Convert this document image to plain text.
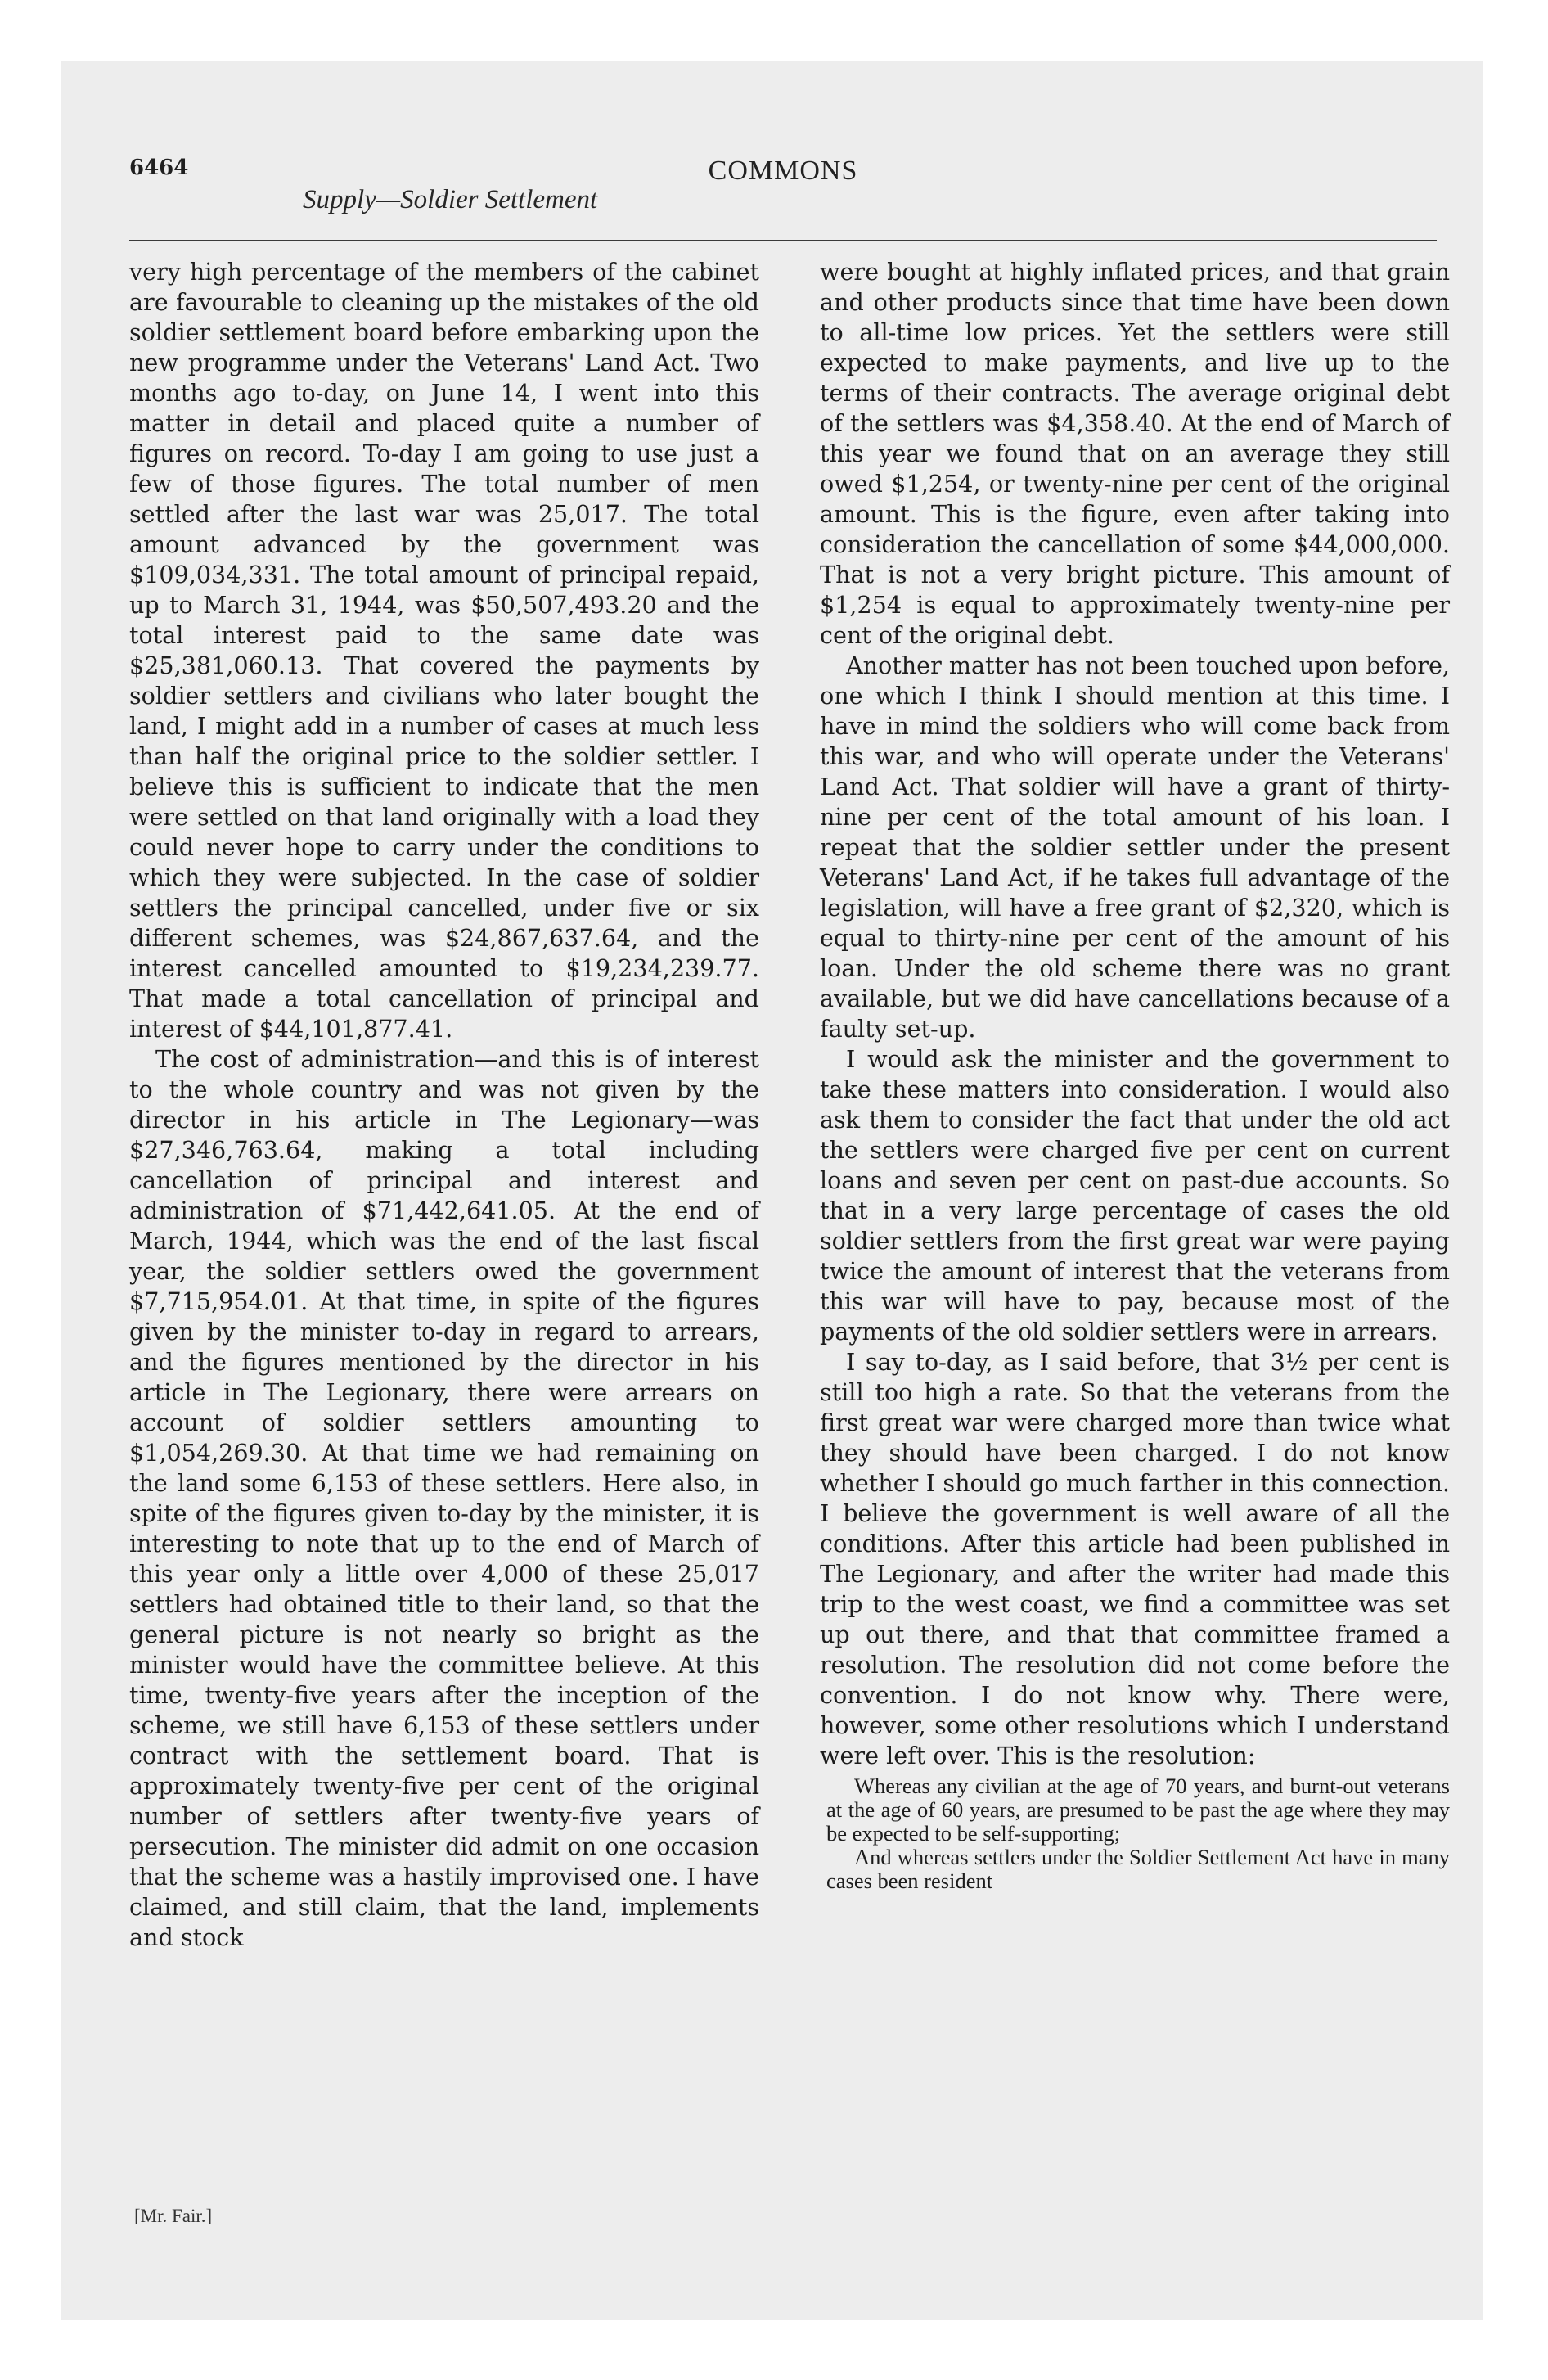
6464	COMMONS
Supply—Soldier Settlement

very high percentage of the members of the cabinet are favourable to cleaning up the mistakes of the old soldier settlement board before embarking upon the new programme under the Veterans' Land Act. Two months ago to-day, on June 14, I went into this matter in detail and placed quite a number of figures on record. To-day I am going to use just a few of those figures. The total number of men settled after the last war was 25,017. The total amount advanced by the government was $109,034,331. The total amount of principal repaid, up to March 31, 1944, was $50,507,493.20 and the total interest paid to the same date was $25,381,060.13. That covered the payments by soldier settlers and civilians who later bought the land, I might add in a number of cases at much less than half the original price to the soldier settler. I believe this is sufficient to indicate that the men were settled on that land originally with a load they could never hope to carry under the conditions to which they were subjected. In the case of soldier settlers the principal cancelled, under five or six different schemes, was $24,867,637.64, and the interest cancelled amounted to $19,234,239.77. That made a total cancellation of principal and interest of $44,101,877.41.

The cost of administration—and this is of interest to the whole country and was not given by the director in his article in The Legionary—was $27,346,763.64, making a total including cancellation of principal and interest and administration of $71,442,641.05. At the end of March, 1944, which was the end of the last fiscal year, the soldier settlers owed the government $7,715,954.01. At that time, in spite of the figures given by the minister to-day in regard to arrears, and the figures mentioned by the director in his article in The Legionary, there were arrears on account of soldier settlers amounting to $1,054,269.30. At that time we had remaining on the land some 6,153 of these settlers. Here also, in spite of the figures given to-day by the minister, it is interesting to note that up to the end of March of this year only a little over 4,000 of these 25,017 settlers had obtained title to their land, so that the general picture is not nearly so bright as the minister would have the committee believe. At this time, twenty-five years after the inception of the scheme, we still have 6,153 of these settlers under contract with the settlement board. That is approximately twenty-five per cent of the original number of settlers after twenty-five years of persecution. The minister did admit on one occasion that the scheme was a hastily improvised one. I have claimed, and still claim, that the land, implements and stock

were bought at highly inflated prices, and that grain and other products since that time have been down to all-time low prices. Yet the settlers were still expected to make payments, and live up to the terms of their contracts. The average original debt of the settlers was $4,358.40. At the end of March of this year we found that on an average they still owed $1,254, or twenty-nine per cent of the original amount. This is the figure, even after taking into consideration the cancellation of some $44,000,000. That is not a very bright picture. This amount of $1,254 is equal to approximately twenty-nine per cent of the original debt.

Another matter has not been touched upon before, one which I think I should mention at this time. I have in mind the soldiers who will come back from this war, and who will operate under the Veterans' Land Act. That soldier will have a grant of thirty-nine per cent of the total amount of his loan. I repeat that the soldier settler under the present Veterans' Land Act, if he takes full advantage of the legislation, will have a free grant of $2,320, which is equal to thirty-nine per cent of the amount of his loan. Under the old scheme there was no grant available, but we did have cancellations because of a faulty set-up.

I would ask the minister and the government to take these matters into consideration. I would also ask them to consider the fact that under the old act the settlers were charged five per cent on current loans and seven per cent on past-due accounts. So that in a very large percentage of cases the old soldier settlers from the first great war were paying twice the amount of interest that the veterans from this war will have to pay, because most of the payments of the old soldier settlers were in arrears.

I say to-day, as I said before, that 3½ per cent is still too high a rate. So that the veterans from the first great war were charged more than twice what they should have been charged. I do not know whether I should go much farther in this connection. I believe the government is well aware of all the conditions. After this article had been published in The Legionary, and after the writer had made this trip to the west coast, we find a committee was set up out there, and that that committee framed a resolution. The resolution did not come before the convention. I do not know why. There were, however, some other resolutions which I understand were left over. This is the resolution:

Whereas any civilian at the age of 70 years, and burnt-out veterans at the age of 60 years, are presumed to be past the age where they may be expected to be self-supporting;

And whereas settlers under the Soldier Settlement Act have in many cases been resident

[Mr. Fair.]
